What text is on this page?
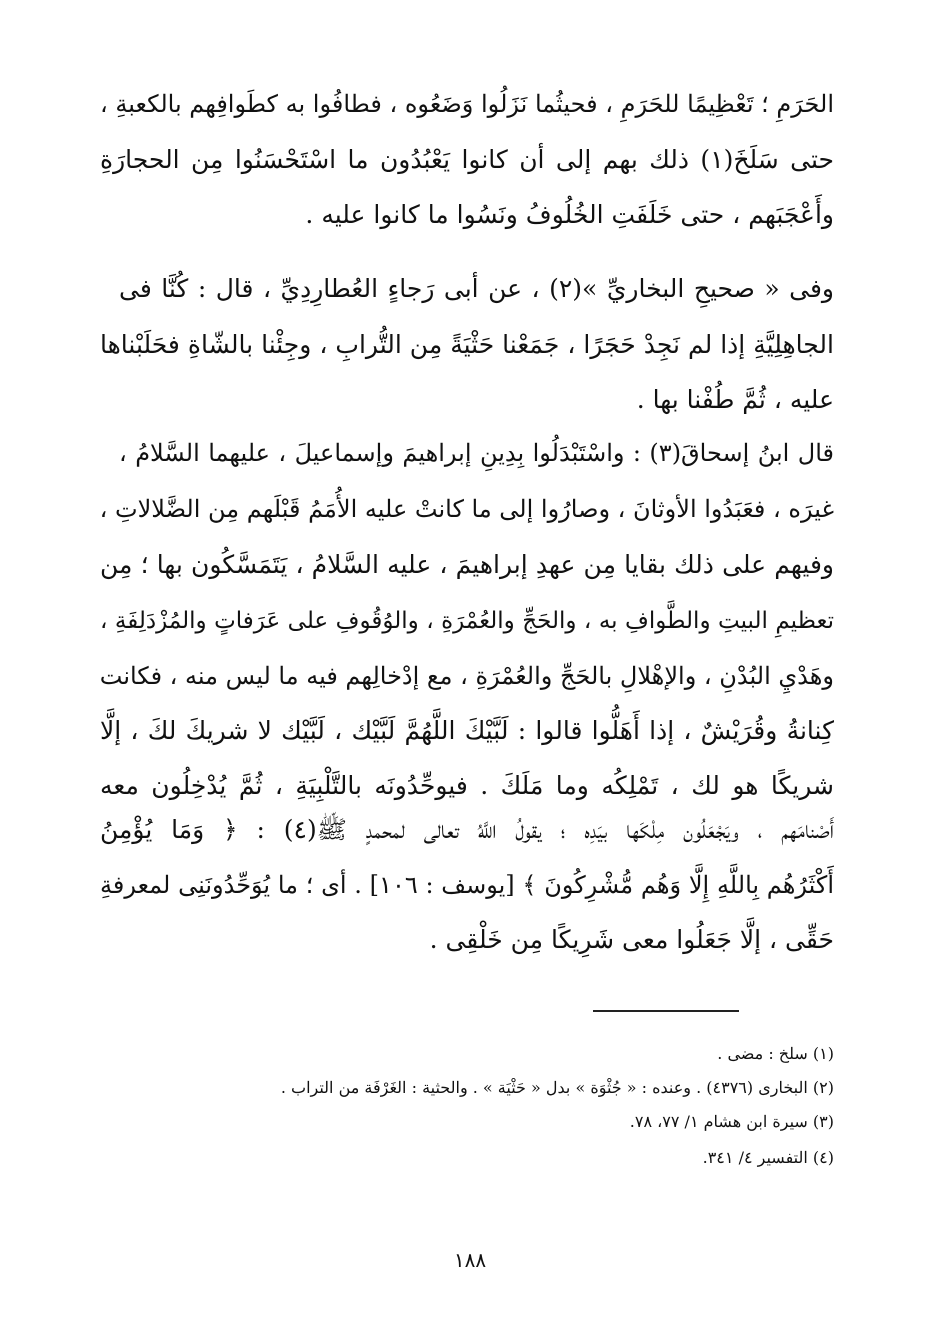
الحَرَمِ ؛ تَعْظِيمًا للحَرَمِ ، فحيثُما نَزَلُوا وَضَعُوه ، فطافُوا به كطَوافِهم بالكعبةِ ،
حتى سَلَخَ(١) ذلك بهم إلى أن كانوا يَعْبُدُون ما اسْتَحْسَنُوا مِن الحجارَةِ
وأَعْجَبَهم ، حتى خَلَفَتِ الخُلُوفُ ونَسُوا ما كانوا عليه .
وفى « صحيحِ البخاريِّ »(٢) ، عن أبى رَجاءٍ العُطارِدِيِّ ، قال : كُنَّا فى
الجاهِلِيَّةِ إذا لم نَجِدْ حَجَرًا ، جَمَعْنا حَثْيَةً مِن التُّرابِ ، وجِئْنا بالشّاةِ فحَلَبْناها
عليه ، ثُمَّ طُفْنا بها .
قال ابنُ إسحاقَ(٣) : واسْتَبْدَلُوا بِدِينِ إبراهيمَ وإسماعيلَ ، عليهما السَّلامُ ،
غيرَه ، فعَبَدُوا الأوثانَ ، وصارُوا إلى ما كانتْ عليه الأُمَمُ قَبْلَهم مِن الضَّلالاتِ ،
وفيهم على ذلك بقايا مِن عهدِ إبراهيمَ ، عليه السَّلامُ ، يَتَمَسَّكُون بها ؛ مِن
تعظيمِ البيتِ والطَّوافِ به ، والحَجِّ والعُمْرَةِ ، والوُقُوفِ على عَرَفاتٍ والمُزْدَلِفَةِ ،
وهَدْيِ البُدْنِ ، والإهْلالِ بالحَجِّ والعُمْرَةِ ، مع إدْخالِهم فيه ما ليس منه ، فكانت
كِنانةُ وقُرَيْشٌ ، إذا أَهَلُّوا قالوا : لَبَّيْكَ اللَّهُمَّ لَبَّيْك ، لَبَّيْك لا شريكَ لكَ ، إلَّا
شريكًا هو لك ، تَمْلِكُه وما مَلَكَ . فيوحِّدُونَه بالتَّلْبِيَةِ ، ثُمَّ يُدْخِلُون معه
أَصْنامَهم ، ويَجْعَلُون مِلْكَها بيَدِه ؛ يقولُ اللَّهُ تعالى لمحمدٍ ﷺ(٤) : ﴿ وَمَا يُؤْمِنُ
أَكْثَرُهُم بِاللَّهِ إِلَّا وَهُم مُّشْرِكُونَ ﴾ [يوسف : ١٠٦] . أى ؛ ما يُوَحِّدُونَنِى لمعرفةِ
حَقِّى ، إلَّا جَعَلُوا معى شَرِيكًا مِن خَلْقِى .
(١) سلخ : مضى .
(٢) البخارى (٤٣٧٦) . وعنده : « جُثْوَة » بدل « حَثْيَة » . والحثية : الغَرْفَة من التراب .
(٣) سيرة ابن هشام ١/ ٧٧، ٧٨.
(٤) التفسير ٤/ ٣٤١.
١٨٨
